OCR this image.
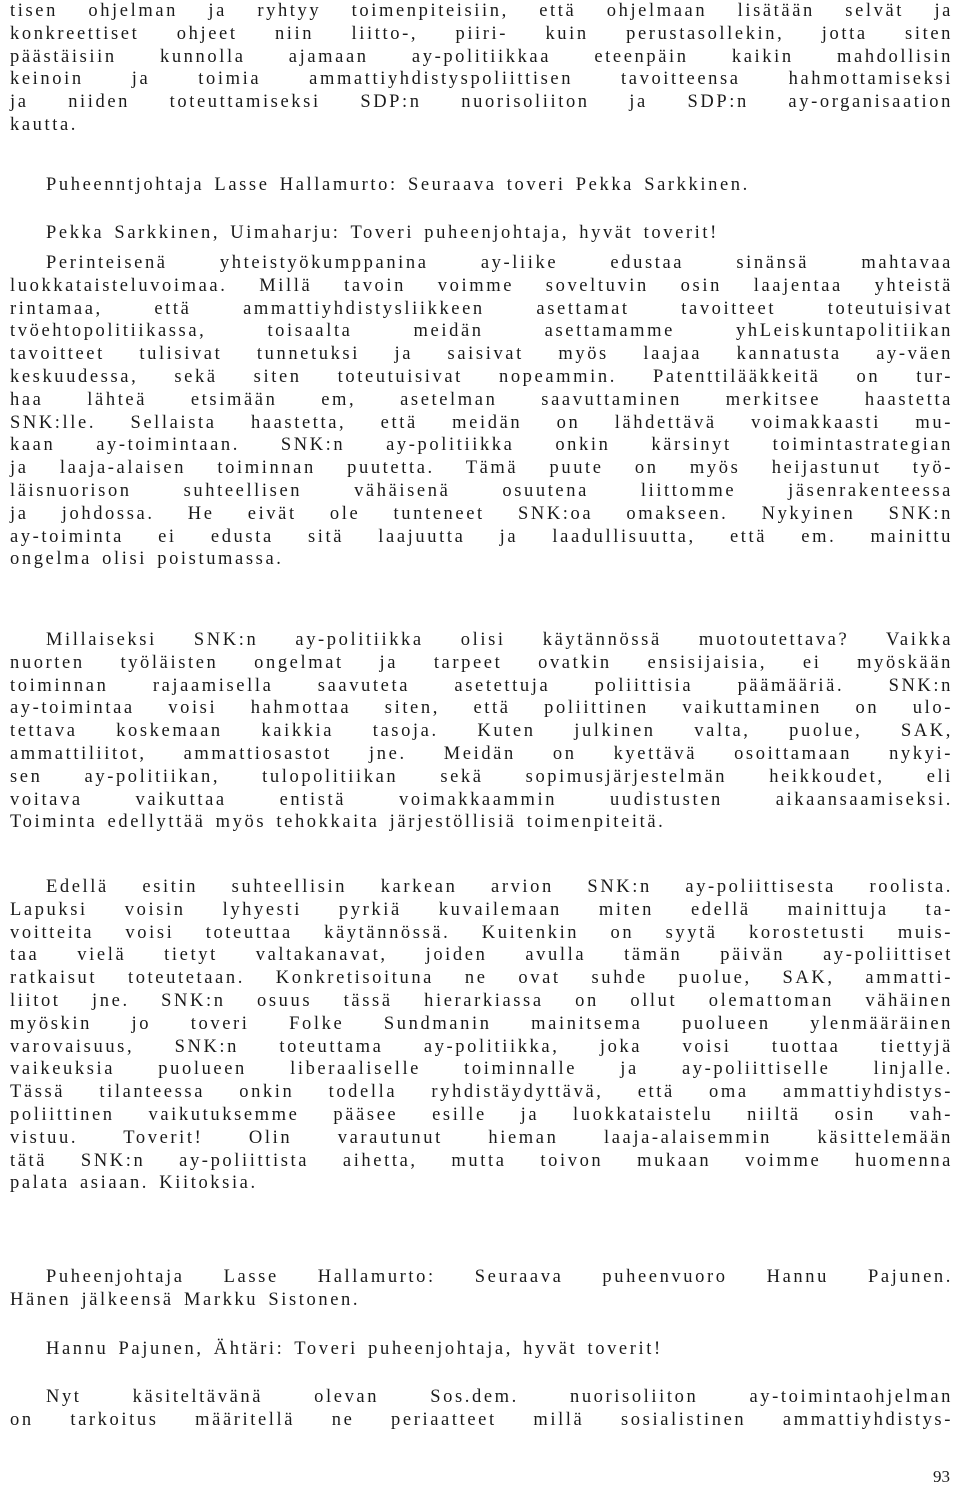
tisen ohjelman ja ryhtyy toimenpiteisiin, että ohjelmaan lisätään selvät ja
konkreettiset ohjeet niin liitto-, piiri- kuin perustasollekin, jotta siten
päästäisiin kunnolla ajamaan ay-politiikkaa eteenpäin kaikin mahdollisin
keinoin ja toimia ammattiyhdistyspoliittisen tavoitteensa hahmottamiseksi
ja niiden toteuttamiseksi SDP:n nuorisoliiton ja SDP:n ay-organisaation
kautta.
Puheenntjohtaja Lasse Hallamurto: Seuraava toveri Pekka Sarkkinen.
Pekka Sarkkinen, Uimaharju: Toveri puheenjohtaja, hyvät toverit!
Perinteisenä yhteistyökumppanina ay-liike edustaa sinänsä mahtavaa
luokkataisteluvoimaa. Millä tavoin voimme soveltuvin osin laajentaa yhteistä
rintamaa, että ammattiyhdistysliikkeen asettamat tavoitteet toteutuisivat
tvöehtopolitiikassa, toisaalta meidän asettamamme yhLeiskuntapolitiikan
tavoitteet tulisivat tunnetuksi ja saisivat myös laajaa kannatusta ay-väen
keskuudessa, sekä siten toteutuisivat nopeammin. Patenttilääkkeitä on tur-
haa lähteä etsimään em, asetelman saavuttaminen merkitsee haastetta
SNK:lle. Sellaista haastetta, että meidän on lähdettävä voimakkaasti mu-
kaan ay-toimintaan. SNK:n ay-politiikka onkin kärsinyt toimintastrategian
ja laaja-alaisen toiminnan puutetta. Tämä puute on myös heijastunut työ-
läisnuorison suhteellisen vähäisenä osuutena liittomme jäsenrakenteessa
ja johdossa. He eivät ole tunteneet SNK:oa omakseen. Nykyinen SNK:n
ay-toiminta ei edusta sitä laajuutta ja laadullisuutta, että em. mainittu
ongelma olisi poistumassa.
Millaiseksi SNK:n ay-politiikka olisi käytännössä muotoutettava? Vaikka
nuorten työläisten ongelmat ja tarpeet ovatkin ensisijaisia, ei myöskään
toiminnan rajaamisella saavuteta asetettuja poliittisia päämääriä. SNK:n
ay-toimintaa voisi hahmottaa siten, että poliittinen vaikuttaminen on ulo-
tettava koskemaan kaikkia tasoja. Kuten julkinen valta, puolue, SAK,
ammattiliitot, ammattiosastot jne. Meidän on kyettävä osoittamaan nykyi-
sen ay-politiikan, tulopolitiikan sekä sopimusjärjestelmän heikkoudet, eli
voitava vaikuttaa entistä voimakkaammin uudistusten aikaansaamiseksi.
Toiminta edellyttää myös tehokkaita järjestöllisiä toimenpiteitä.
Edellä esitin suhteellisin karkean arvion SNK:n ay-poliittisesta roolista.
Lapuksi voisin lyhyesti pyrkiä kuvailemaan miten edellä mainittuja ta-
voitteita voisi toteuttaa käytännössä. Kuitenkin on syytä korostetusti muis-
taa vielä tietyt valtakanavat, joiden avulla tämän päivän ay-poliittiset
ratkaisut toteutetaan. Konkretisoituna ne ovat suhde puolue, SAK, ammatti-
liitot jne. SNK:n osuus tässä hierarkiassa on ollut olemattoman vähäinen
myöskin jo toveri Folke Sundmanin mainitsema puolueen ylenmääräinen
varovaisuus, SNK:n toteuttama ay-politiikka, joka voisi tuottaa tiettyjä
vaikeuksia puolueen liberaaliselle toiminnalle ja ay-poliittiselle linjalle.
Tässä tilanteessa onkin todella ryhdistäydyttävä, että oma ammattiyhdistys-
poliittinen vaikutuksemme pääsee esille ja luokkataistelu niiltä osin vah-
vistuu. Toverit! Olin varautunut hieman laaja-alaisemmin käsittelemään
tätä SNK:n ay-poliittista aihetta, mutta toivon mukaan voimme huomenna
palata asiaan. Kiitoksia.
Puheenjohtaja Lasse Hallamurto: Seuraava puheenvuoro Hannu Pajunen.
Hänen jälkeensä Markku Sistonen.
Hannu Pajunen, Ähtäri: Toveri puheenjohtaja, hyvät toverit!
Nyt käsiteltävänä olevan Sos.dem. nuorisoliiton ay-toimintaohjelman
on tarkoitus määritellä ne periaatteet millä sosialistinen ammattiyhdistys-
93
